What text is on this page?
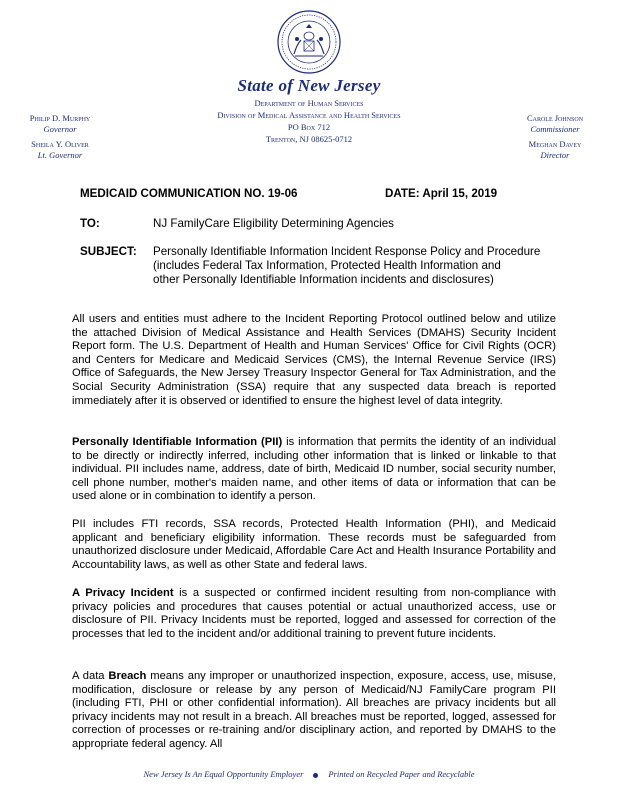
State of New Jersey
Department of Human Services
Division of Medical Assistance and Health Services
PO Box 712
Trenton, NJ 08625-0712
Philip D. Murphy
Governor
Sheila Y. Oliver
Lt. Governor
Carole Johnson
Commissioner
Meghan Davey
Director
MEDICAID COMMUNICATION NO. 19-06	DATE: April 15, 2019
TO:	NJ FamilyCare Eligibility Determining Agencies
SUBJECT: Personally Identifiable Information Incident Response Policy and Procedure
(includes Federal Tax Information, Protected Health Information and
other Personally Identifiable Information incidents and disclosures)

All users and entities must adhere to the Incident Reporting Protocol outlined below and utilize the attached Division of Medical Assistance and Health Services (DMAHS) Security Incident Report form. The U.S. Department of Health and Human Services' Office for Civil Rights (OCR) and Centers for Medicare and Medicaid Services (CMS), the Internal Revenue Service (IRS) Office of Safeguards, the New Jersey Treasury Inspector General for Tax Administration, and the Social Security Administration (SSA) require that any suspected data breach is reported immediately after it is observed or identified to ensure the highest level of data integrity.

Personally Identifiable Information (PII) is information that permits the identity of an individual to be directly or indirectly inferred, including other information that is linked or linkable to that individual. PII includes name, address, date of birth, Medicaid ID number, social security number, cell phone number, mother's maiden name, and other items of data or information that can be used alone or in combination to identify a person.

PII includes FTI records, SSA records, Protected Health Information (PHI), and Medicaid applicant and beneficiary eligibility information. These records must be safeguarded from unauthorized disclosure under Medicaid, Affordable Care Act and Health Insurance Portability and Accountability laws, as well as other State and federal laws.

A Privacy Incident is a suspected or confirmed incident resulting from non-compliance with privacy policies and procedures that causes potential or actual unauthorized access, use or disclosure of PII. Privacy Incidents must be reported, logged and assessed for correction of the processes that led to the incident and/or additional training to prevent future incidents.

A data Breach means any improper or unauthorized inspection, exposure, access, use, misuse, modification, disclosure or release by any person of Medicaid/NJ FamilyCare program PII (including FTI, PHI or other confidential information). All breaches are privacy incidents but all privacy incidents may not result in a breach. All breaches must be reported, logged, assessed for correction of processes or re-training and/or disciplinary action, and reported by DMAHS to the appropriate federal agency. All

New Jersey Is An Equal Opportunity Employer	Printed on Recycled Paper and Recyclable
